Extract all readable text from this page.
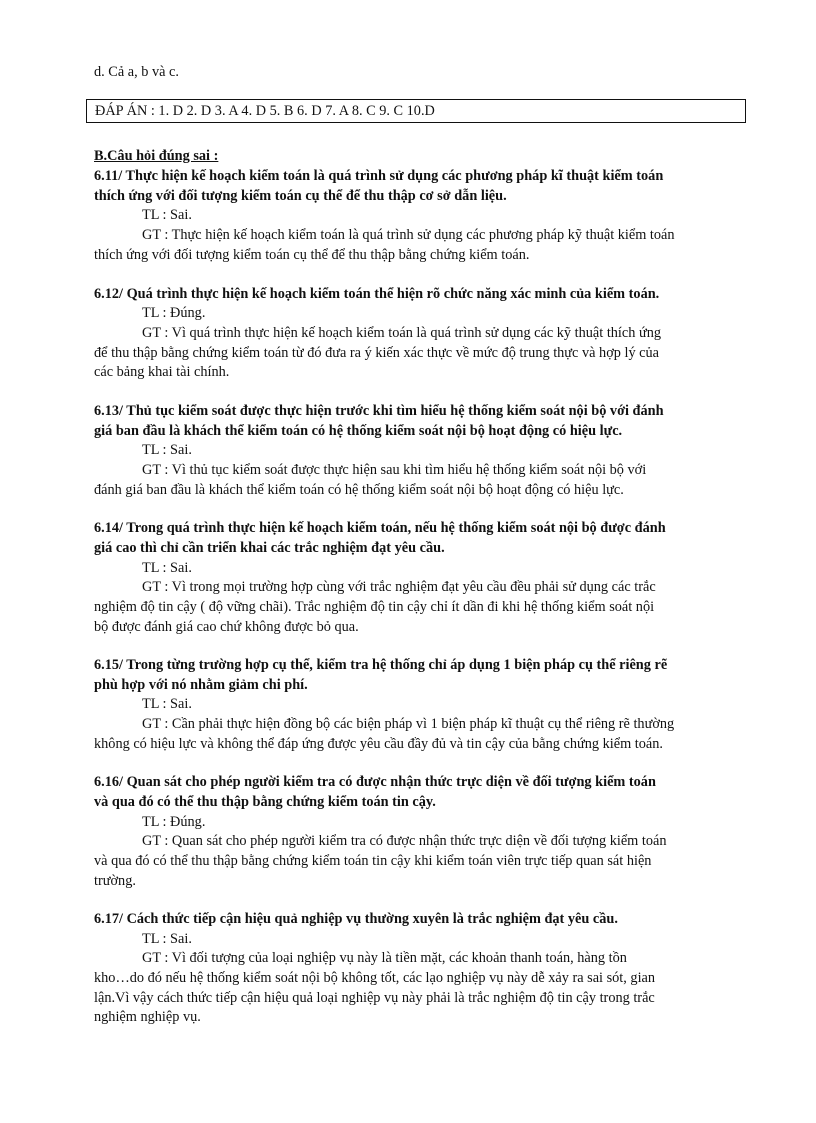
d. Cả a, b và c.
ĐÁP ÁN : 1. D 2. D 3. A 4. D 5. B 6. D 7. A 8. C 9. C 10.D
B.Câu hỏi đúng sai :
6.11/ Thực hiện kế hoạch kiểm toán là quá trình sử dụng các phương pháp kĩ thuật kiểm toán
thích ứng với đối tượng kiểm toán cụ thể để thu thập cơ sở dẫn liệu.
TL : Sai.
GT : Thực hiện kế hoạch kiểm toán là quá trình sử dụng các phương pháp kỹ thuật kiểm toán
thích ứng với đối tượng kiểm toán cụ thể để thu thập bằng chứng kiểm toán.
6.12/ Quá trình thực hiện kế hoạch kiểm toán thể hiện rõ chức năng xác minh của kiểm toán.
TL : Đúng.
GT : Vì quá trình thực hiện kế hoạch kiểm toán là quá trình sử dụng các kỹ thuật thích ứng
để thu thập bằng chứng kiểm toán từ đó đưa ra ý kiến xác thực về mức độ trung thực và hợp lý của
các bảng khai tài chính.
6.13/ Thủ tục kiểm soát được thực hiện trước khi tìm hiểu hệ thống kiểm soát nội bộ với đánh
giá ban đầu là khách thể kiểm toán có hệ thống kiểm soát nội bộ hoạt động có hiệu lực.
TL : Sai.
GT : Vì thủ tục kiểm soát được thực hiện sau khi tìm hiểu hệ thống kiểm soát nội bộ với
đánh giá ban đầu là khách thể kiểm toán có hệ thống kiểm soát nội bộ hoạt động có hiệu lực.
6.14/ Trong quá trình thực hiện kế hoạch kiểm toán, nếu hệ thống kiểm soát nội bộ được đánh
giá cao thì chỉ cần triển khai các trắc nghiệm đạt yêu cầu.
TL : Sai.
GT : Vì trong mọi trường hợp cùng với trắc nghiệm đạt yêu cầu đều phải sử dụng các trắc
nghiệm độ tin cậy ( độ vững chãi). Trắc nghiệm độ tin cậy chỉ ít dần đi khi hệ thống kiểm soát nội
bộ được đánh giá cao chứ không được bỏ qua.
6.15/ Trong từng trường hợp cụ thể, kiểm tra hệ thống chỉ áp dụng 1 biện pháp cụ thể riêng rẽ
phù hợp với nó nhằm giảm chi phí.
TL : Sai.
GT : Cần phải thực hiện đồng bộ các biện pháp vì 1 biện pháp kĩ thuật cụ thể riêng rẽ thường
không có hiệu lực và không thể đáp ứng được yêu cầu đầy đủ và tin cậy của bằng chứng kiểm toán.
6.16/ Quan sát cho phép người kiểm tra có được nhận thức trực diện về đối tượng kiểm toán
và qua đó có thể thu thập bằng chứng kiểm toán tin cậy.
TL : Đúng.
GT : Quan sát cho phép người kiểm tra có được nhận thức trực diện về đối tượng kiểm toán
và qua đó có thể thu thập bằng chứng kiểm toán tin cậy khi kiểm toán viên trực tiếp quan sát hiện
trường.
6.17/ Cách thức tiếp cận hiệu quả nghiệp vụ thường xuyên là trắc nghiệm đạt yêu cầu.
TL : Sai.
GT : Vì đối tượng của loại nghiệp vụ này là tiền mặt, các khoản thanh toán, hàng tồn
kho…do đó nếu hệ thống kiểm soát nội bộ không tốt, các lạo nghiệp vụ này dễ xảy ra sai sót, gian
lận.Vì vậy cách thức tiếp cận hiệu quả loại nghiệp vụ này phải là trắc nghiệm độ tin cậy trong trắc
nghiệm nghiệp vụ.
